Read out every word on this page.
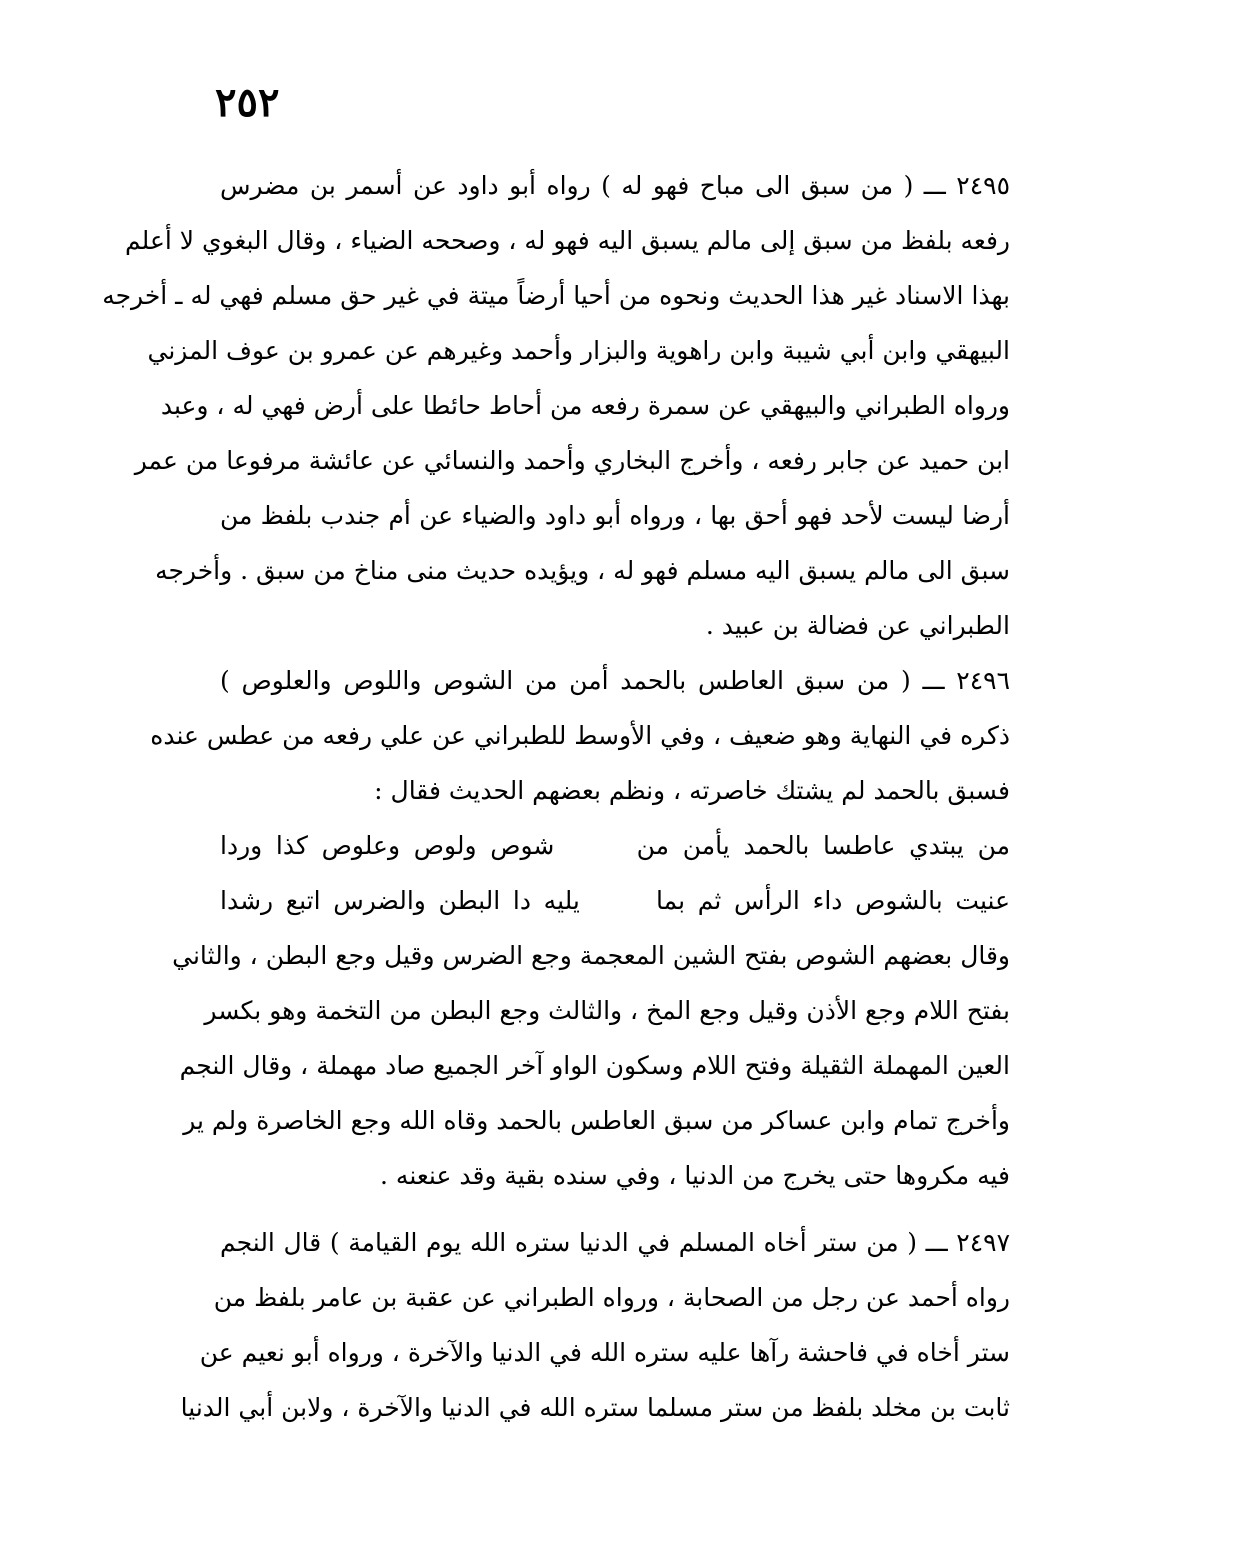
٢٥٢
٢٤٩٥ ـــ ( من سبق الى مباح فهو له ) رواه أبو داود عن أسمر بن مضرس
رفعه بلفظ من سبق إلى مالم يسبق اليه فهو له ، وصححه الضياء ، وقال البغوي لا أعلم
بهذا الاسناد غير هذا الحديث ونحوه من أحيا أرضاً ميتة في غير حق مسلم فهي له ـ أخرجه
البيهقي وابن أبي شيبة وابن راهوية والبزار وأحمد وغيرهم عن عمرو بن عوف المزني
ورواه الطبراني والبيهقي عن سمرة رفعه من أحاط حائطا على أرض فهي له ، وعبد
ابن حميد عن جابر رفعه ، وأخرج البخاري وأحمد والنسائي عن عائشة مرفوعا من عمر
أرضا ليست لأحد فهو أحق بها ، ورواه أبو داود والضياء عن أم جندب بلفظ من
سبق الى مالم يسبق اليه مسلم فهو له ، ويؤيده حديث منى مناخ من سبق . وأخرجه
الطبراني عن فضالة بن عبيد .
٢٤٩٦ ـــ ( من سبق العاطس بالحمد أمن من الشوص واللوص والعلوص )
ذكره في النهاية وهو ضعيف ، وفي الأوسط للطبراني عن علي رفعه من عطس عنده
فسبق بالحمد لم يشتك خاصرته ، ونظم بعضهم الحديث فقال :
من يبتدي عاطسا بالحمد يأمن من      شوص ولوص وعلوص كذا وردا
عنيت بالشوص داء الرأس ثم بما      يليه دا البطن والضرس اتبع رشدا
وقال بعضهم الشوص بفتح الشين المعجمة وجع الضرس وقيل وجع البطن ، والثاني
بفتح اللام وجع الأذن وقيل وجع المخ ، والثالث وجع البطن من التخمة وهو بكسر
العين المهملة الثقيلة وفتح اللام وسكون الواو آخر الجميع صاد مهملة ، وقال النجم
وأخرج تمام وابن عساكر من سبق العاطس بالحمد وقاه الله وجع الخاصرة ولم ير
فيه مكروها حتى يخرج من الدنيا ، وفي سنده بقية وقد عنعنه .
٢٤٩٧ ـــ ( من ستر أخاه المسلم في الدنيا ستره الله يوم القيامة ) قال النجم
رواه أحمد عن رجل من الصحابة ، ورواه الطبراني عن عقبة بن عامر بلفظ من
ستر أخاه في فاحشة رآها عليه ستره الله في الدنيا والآخرة ، ورواه أبو نعيم عن
ثابت بن مخلد بلفظ من ستر مسلما ستره الله في الدنيا والآخرة ، ولابن أبي الدنيا
